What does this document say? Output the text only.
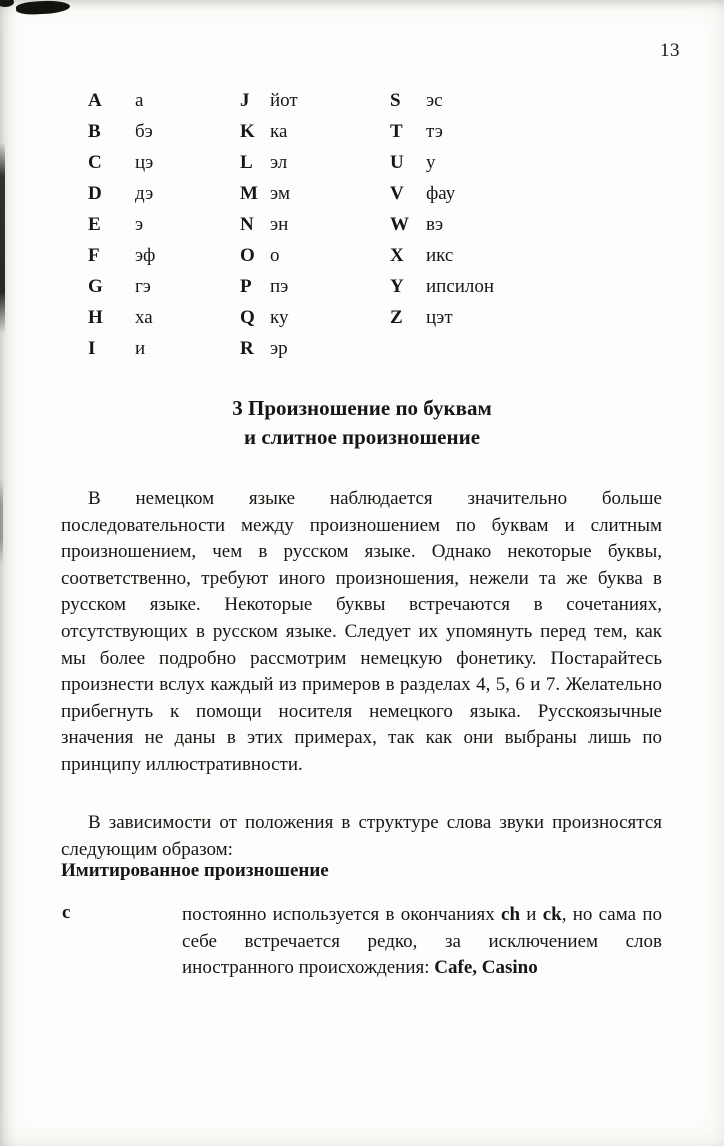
13
A а
B бэ
C цэ
D дэ
E э
F эф
G гэ
H ха
I и
J йот
K ка
L эл
M эм
N эн
O о
P пэ
Q ку
R эр
S эс
T тэ
U у
V фау
W вэ
X икс
Y ипсилон
Z цэт
3 Произношение по буквам
и слитное произношение

В немецком языке наблюдается значительно больше последовательности между произношением по буквам и слитным произношением, чем в русском языке. Однако некоторые буквы, соответственно, требуют иного произношения, нежели та же буква в русском языке. Некоторые буквы встречаются в сочетаниях, отсутствующих в русском языке. Следует их упомянуть перед тем, как мы более подробно рассмотрим немецкую фонетику. Постарайтесь произнести вслух каждый из примеров в разделах 4, 5, 6 и 7. Желательно прибегнуть к помощи носителя немецкого языка. Русскоязычные значения не даны в этих примерах, так как они выбраны лишь по принципу иллюстративности.

В зависимости от положения в структуре слова звуки произносятся следующим образом:

Имитированное произношение
c	постоянно используется в окончаниях ch и ck, но сама по себе встречается редко, за исключением слов иностранного происхождения: Cafe, Casino
